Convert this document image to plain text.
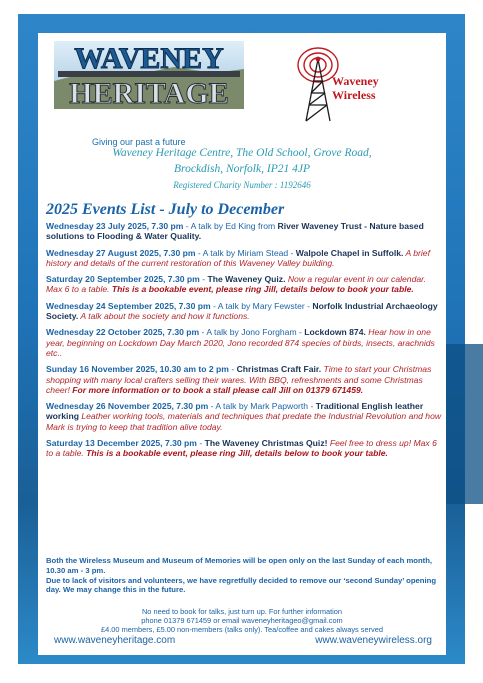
WAVENEY
HERITAGE	Waveney
Wireless
Giving our past a future
Waveney Heritage Centre, The Old School, Grove Road,
Brockdish, Norfolk, IP21 4JP
Registered Charity Number : 1192646
2025 Events List - July to December
Wednesday 23 July 2025, 7.30 pm - A talk by Ed King from River Waveney Trust - Nature based solutions to Flooding & Water Quality.
Wednesday 27 August 2025, 7.30 pm - A talk by Miriam Stead - Walpole Chapel in Suffolk. A brief history and details of the current restoration of this Waveney Valley building.
Saturday 20 September 2025, 7.30 pm - The Waveney Quiz. Now a regular event in our calendar. Max 6 to a table. This is a bookable event, please ring Jill, details below to book your table.
Wednesday 24 September 2025, 7.30 pm - A talk by Mary Fewster - Norfolk Industrial Archaeology Society. A talk about the society and how it functions.
Wednesday 22 October 2025, 7.30 pm - A talk by Jono Forgham - Lockdown 874. Hear how in one year, beginning on Lockdown Day March 2020, Jono recorded 874 species of birds, insects, arachnids etc..
Sunday 16 November 2025, 10.30 am to 2 pm - Christmas Craft Fair. Time to start your Christmas shopping with many local crafters selling their wares. With BBQ, refreshments and some Christmas cheer! For more information or to book a stall please call Jill on 01379 671459.
Wednesday 26 November 2025, 7.30 pm - A talk by Mark Papworth - Traditional English leather working Leather working tools, materials and techniques that predate the Industrial Revolution and how Mark is trying to keep that tradition alive today.
Saturday 13 December 2025, 7.30 pm - The Waveney Christmas Quiz! Feel free to dress up! Max 6 to a table. This is a bookable event, please ring Jill, details below to book your table.
Both the Wireless Museum and Museum of Memories will be open only on the last Sunday of each month, 10.30 am - 3 pm.
Due to lack of visitors and volunteers, we have regretfully decided to remove our ‘second Sunday’ opening day. We may change this in the future.
No need to book for talks, just turn up. For further information
phone 01379 671459 or email waveneyheritageo@gmail.com
£4.00 members, £5.00 non-members (talks only). Tea/coffee and cakes always served
www.waveneyheritage.com	www.waveneywireless.org
